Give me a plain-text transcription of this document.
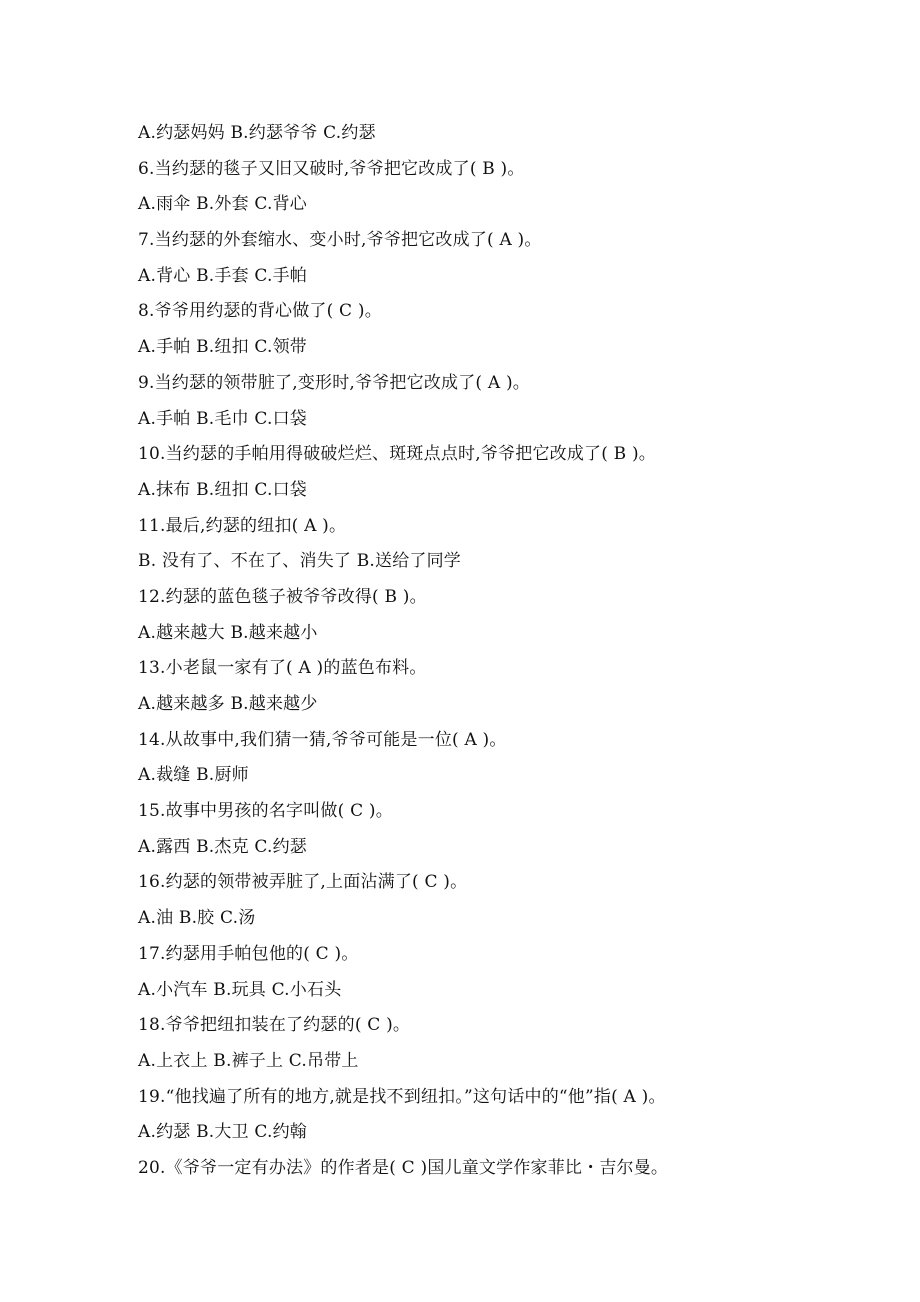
A.约瑟妈妈 B.约瑟爷爷 C.约瑟
6.当约瑟的毯子又旧又破时,爷爷把它改成了( B )。
A.雨伞 B.外套 C.背心
7.当约瑟的外套缩水、变小时,爷爷把它改成了( A )。
A.背心 B.手套 C.手帕
8.爷爷用约瑟的背心做了( C )。
A.手帕 B.纽扣 C.领带
9.当约瑟的领带脏了,变形时,爷爷把它改成了( A )。
A.手帕 B.毛巾 C.口袋
10.当约瑟的手帕用得破破烂烂、斑斑点点时,爷爷把它改成了( B )。
A.抹布 B.纽扣 C.口袋
11.最后,约瑟的纽扣( A )。
B. 没有了、不在了、消失了 B.送给了同学
12.约瑟的蓝色毯子被爷爷改得( B )。
A.越来越大 B.越来越小
13.小老鼠一家有了( A )的蓝色布料。
A.越来越多 B.越来越少
14.从故事中,我们猜一猜,爷爷可能是一位( A )。
A.裁缝 B.厨师
15.故事中男孩的名字叫做( C )。
A.露西 B.杰克 C.约瑟
16.约瑟的领带被弄脏了,上面沾满了( C )。
A.油 B.胶 C.汤
17.约瑟用手帕包他的( C )。
A.小汽车 B.玩具 C.小石头
18.爷爷把纽扣装在了约瑟的( C )。
A.上衣上 B.裤子上 C.吊带上
19.“他找遍了所有的地方,就是找不到纽扣。”这句话中的“他”指( A )。
A.约瑟 B.大卫 C.约翰
20.《爷爷一定有办法》的作者是( C )国儿童文学作家菲比・吉尔曼。
